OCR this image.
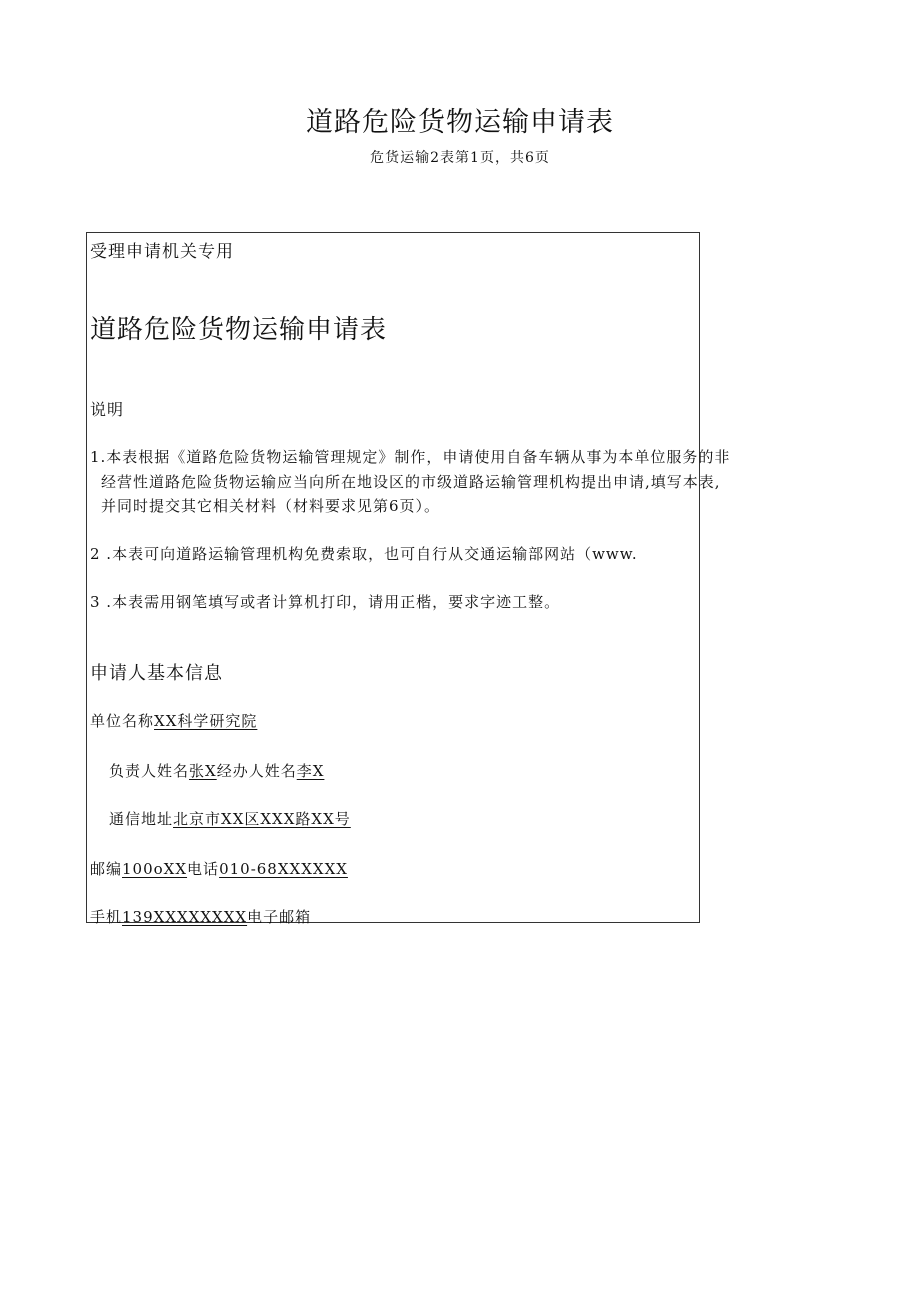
道路危险货物运输申请表
危货运输2表第1页，共6页
受理申请机关专用
道路危险货物运输申请表
说明
1.本表根据《道路危险货物运输管理规定》制作，申请使用自备车辆从事为本单位服务的非
经营性道路危险货物运输应当向所在地设区的市级道路运输管理机构提出申请,填写本表,
并同时提交其它相关材料（材料要求见第6页）。
2 .本表可向道路运输管理机构免费索取，也可自行从交通运输部网站（www.
3 .本表需用钢笔填写或者计算机打印，请用正楷，要求字迹工整。
申请人基本信息
单位名称XX科学研究院
负责人姓名张X经办人姓名李X
通信地址北京市XX区XXX路XX号
邮编100oXX电话010-68XXXXXX
手机139XXXXXXXX电子邮箱
